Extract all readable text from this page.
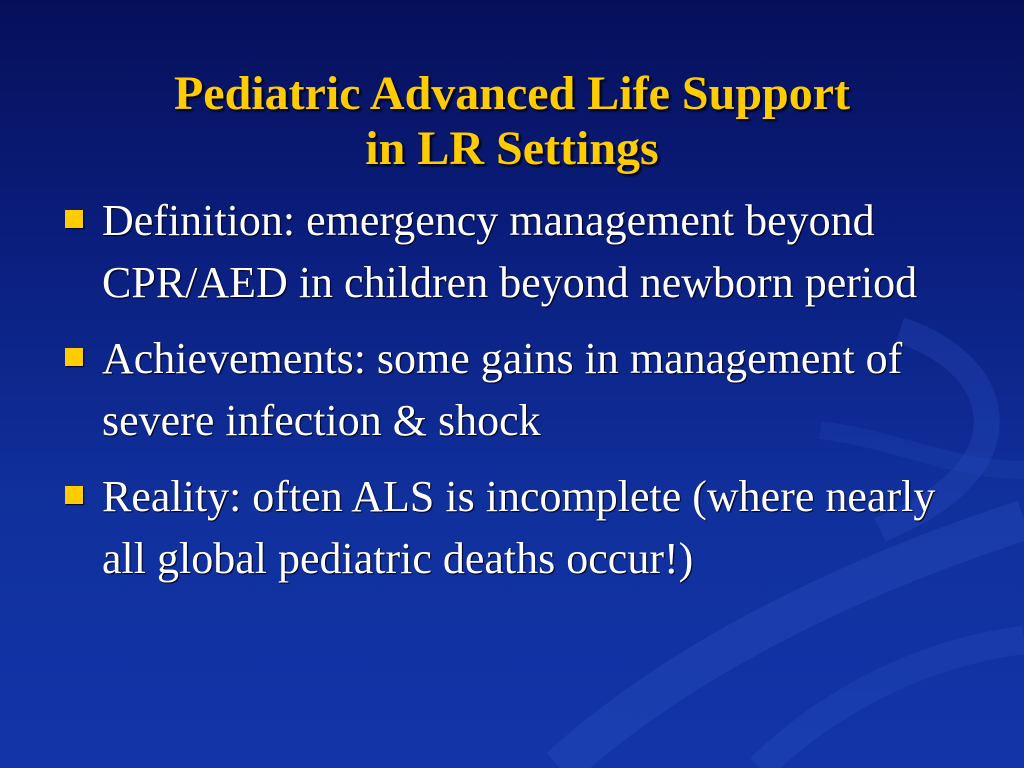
Pediatric Advanced Life Support
in LR Settings
Definition: emergency management beyond CPR/AED in children beyond newborn period
Achievements: some gains in management of severe infection & shock
Reality: often ALS is incomplete (where nearly all global pediatric deaths occur!)
